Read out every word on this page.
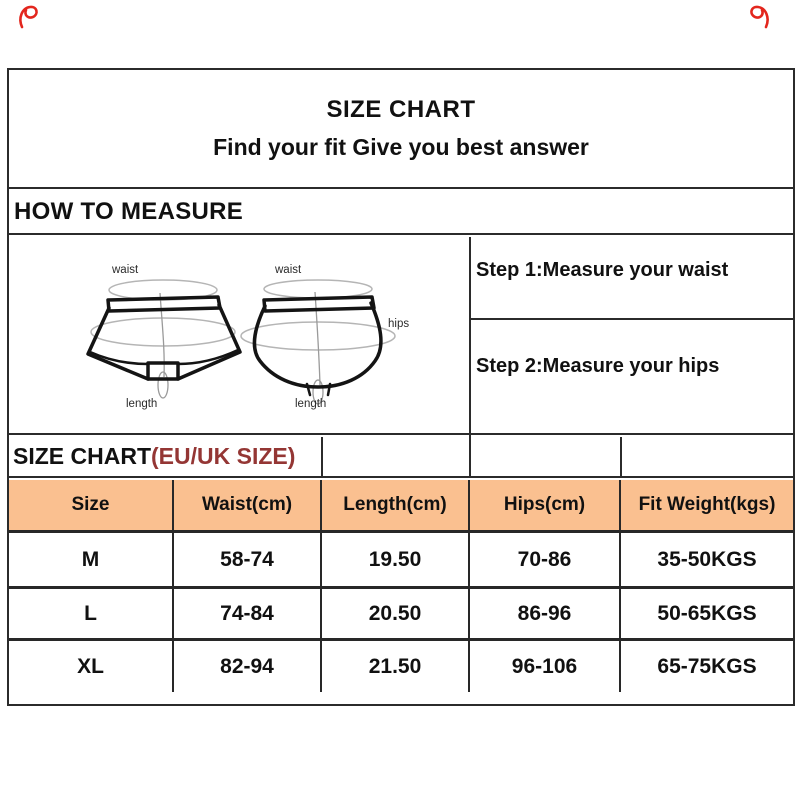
SIZE CHART
Find your fit Give you best answer
HOW TO MEASURE
waist
length
waist
hips
length
Step 1:Measure your waist
Step 2:Measure your hips
SIZE CHART (EU/UK SIZE)
Size	Waist(cm)	Length(cm)	Hips(cm)	Fit Weight(kgs)
M	58-74	19.50	70-86	35-50KGS
L	74-84	20.50	86-96	50-65KGS
XL	82-94	21.50	96-106	65-75KGS
